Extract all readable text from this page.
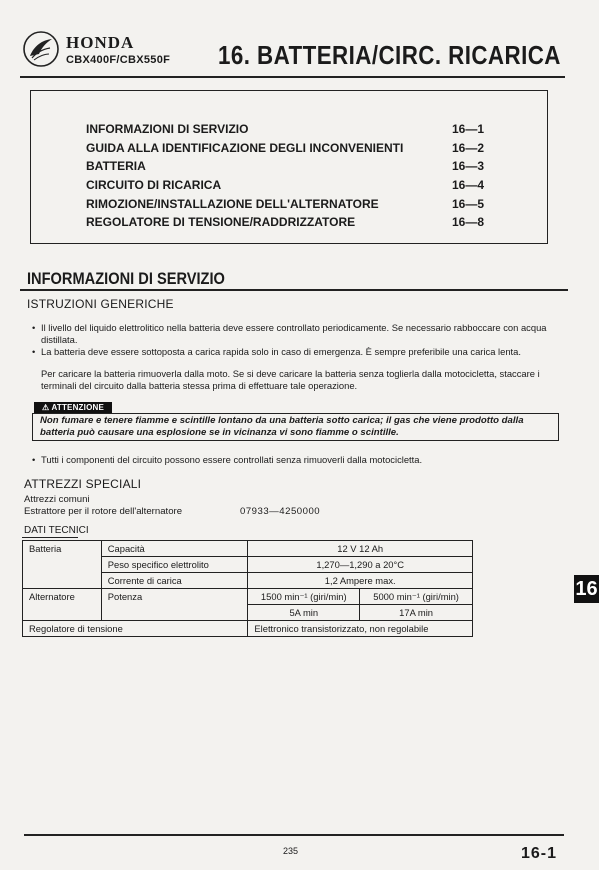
HONDA
CBX400F/CBX550F 16. BATTERIA/CIRC. RICARICA
INFORMAZIONI DI SERVIZIO	16—1
GUIDA ALLA IDENTIFICAZIONE DEGLI INCONVENIENTI	16—2
BATTERIA	16—3
CIRCUITO DI RICARICA	16—4
RIMOZIONE/INSTALLAZIONE DELL'ALTERNATORE	16—5
REGOLATORE DI TENSIONE/RADDRIZZATORE	16—8
INFORMAZIONI DI SERVIZIO
ISTRUZIONI GENERICHE
• Il livello del liquido elettrolitico nella batteria deve essere controllato periodicamente. Se necessario rabboccare con acqua distillata.
• La batteria deve essere sottoposta a carica rapida solo in caso di emergenza. È sempre preferibile una carica lenta.
Per caricare la batteria rimuoverla dalla moto. Se si deve caricare la batteria senza toglierla dalla motocicletta, staccare i terminali del circuito dalla batteria stessa prima di effettuare tale operazione.
⚠ ATTENZIONE
Non fumare e tenere fiamme e scintille lontano da una batteria sotto carica; il gas che viene prodotto dalla batteria può causare una esplosione se in vicinanza vi sono fiamme o scintille.
• Tutti i componenti del circuito possono essere controllati senza rimuoverli dalla motocicletta.
ATTREZZI SPECIALI
Attrezzi comuni
Estrattore per il rotore dell'alternatore	07933—4250000
DATI TECNICI
Batteria	Capacità	12 V 12 Ah	
	Peso specifico elettrolito	1,270—1,290 a 20°C	
	Corrente di carica	1,2 Ampere max.	
Alternatore	Potenza	1500 min⁻¹ (giri/min)	5000 min⁻¹ (giri/min)
		5A min	17A min
Regolatore di tensione		Elettronico transistorizzato, non regolabile	
16
235	16-1
